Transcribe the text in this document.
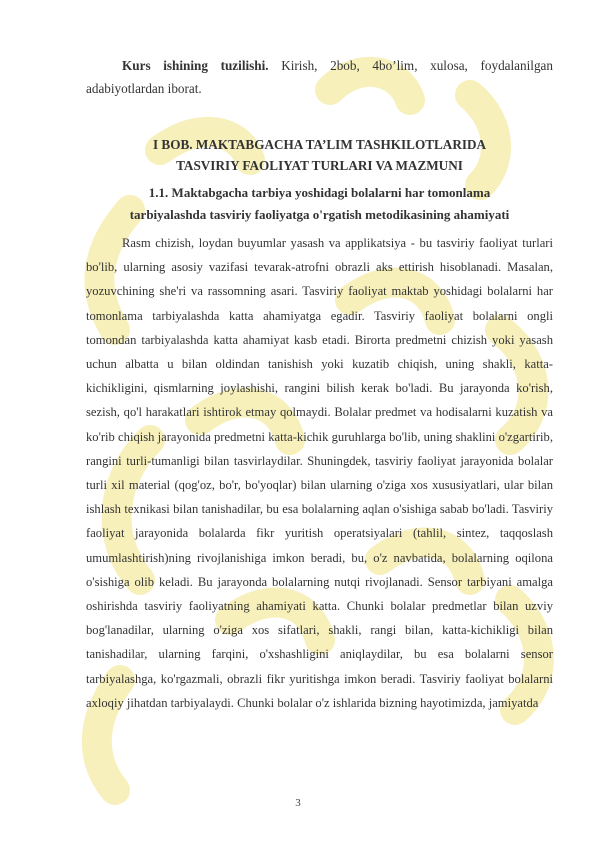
Kurs ishining tuzilishi. Kirish, 2bob, 4bo’lim, xulosa, foydalanilgan adabiyotlardan iborat.

I BOB. MAKTABGACHA TA’LIM TASHKILOTLARIDA
TASVIRIY FAOLIYAT TURLARI VA MAZMUNI
1.1. Maktabgacha tarbiya yoshidagi bolalarni har tomonlama
tarbiyalashda tasviriy faoliyatga o'rgatish metodikasining ahamiyati

Rasm chizish, loydan buyumlar yasash va applikatsiya - bu tasviriy faoliyat turlari bo'lib, ularning asosiy vazifasi tevarak-atrofni obrazli aks ettirish hisoblanadi. Masalan, yozuvchining she'ri va rassomning asari. Tasviriy faoliyat maktab yoshidagi bolalarni har tomonlama tarbiyalashda katta ahamiyatga egadir. Tasviriy faoliyat bolalarni ongli tomondan tarbiyalashda katta ahamiyat kasb etadi. Birorta predmetni chizish yoki yasash uchun albatta u bilan oldindan tanishish yoki kuzatib chiqish, uning shakli, katta-kichikligini, qismlarning joylashishi, rangini bilish kerak bo'ladi. Bu jarayonda ko'rish, sezish, qo'l harakatlari ishtirok etmay qolmaydi. Bolalar predmet va hodisalarni kuzatish va ko'rib chiqish jarayonida predmetni katta-kichik guruhlarga bo'lib, uning shaklini o'zgartirib, rangini turli-tumanligi bilan tasvirlaydilar. Shuningdek, tasviriy faoliyat jarayonida bolalar turli xil material (qog'oz, bo'r, bo'yoqlar) bilan ularning o'ziga xos xususiyatlari, ular bilan ishlash texnikasi bilan tanishadilar, bu esa bolalarning aqlan o'sishiga sabab bo'ladi. Tasviriy faoliyat jarayonida bolalarda fikr yuritish operatsiyalari (tahlil, sintez, taqqoslash umumlashtirish)ning rivojlanishiga imkon beradi, bu, o'z navbatida, bolalarning oqilona o'sishiga olib keladi. Bu jarayonda bolalarning nutqi rivojlanadi. Sensor tarbiyani amalga oshirishda tasviriy faoliyatning ahamiyati katta. Chunki bolalar predmetlar bilan uzviy bog'lanadilar, ularning o'ziga xos sifatlari, shakli, rangi bilan, katta-kichikligi bilan tanishadilar, ularning farqini, o'xshashligini aniqlaydilar, bu esa bolalarni sensor tarbiyalashga, ko'rgazmali, obrazli fikr yuritishga imkon beradi. Tasviriy faoliyat bolalarni axloqiy jihatdan tarbiyalaydi. Chunki bolalar o'z ishlarida bizning hayotimizda, jamiyatda

3
